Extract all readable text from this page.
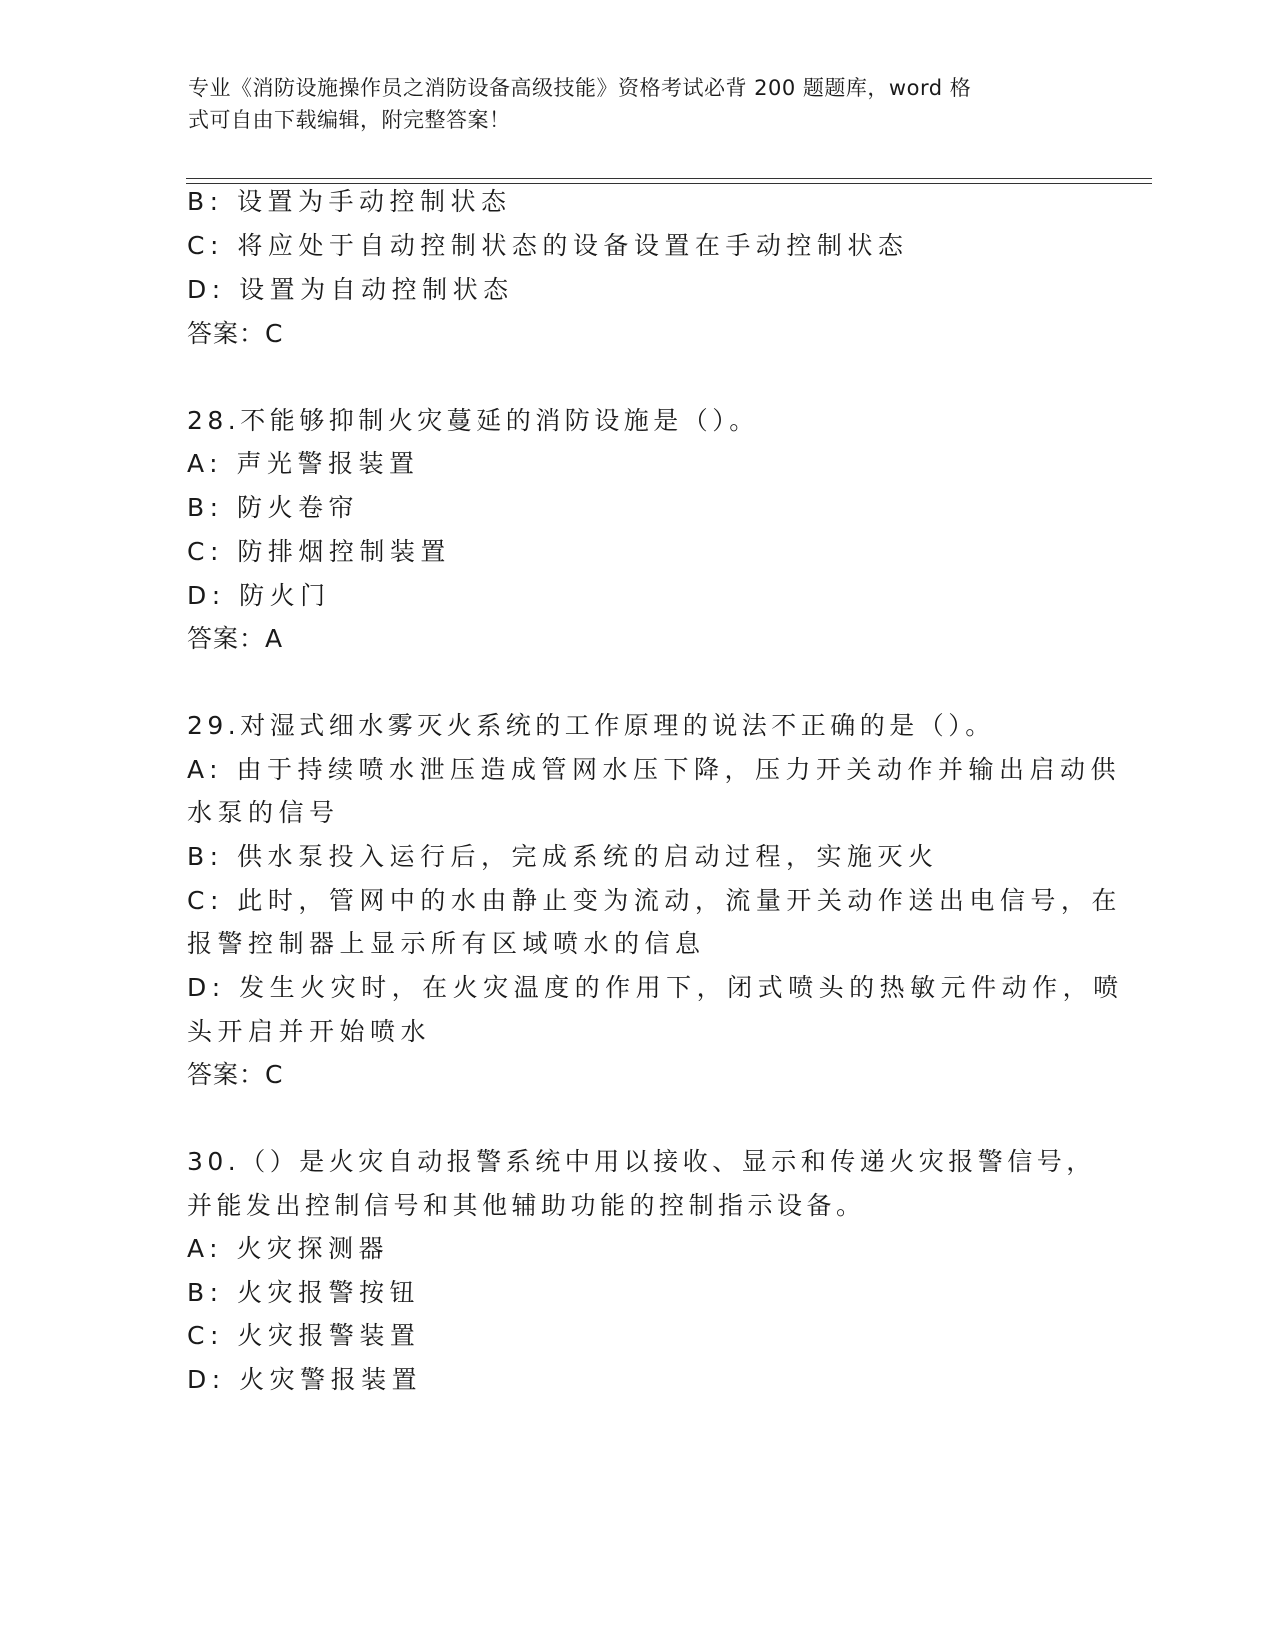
专业《消防设施操作员之消防设备高级技能》资格考试必背 200 题题库，word 格
式可自由下载编辑，附完整答案！
B: 设置为手动控制状态
C: 将应处于自动控制状态的设备设置在手动控制状态
D: 设置为自动控制状态
答案：C
28.不能够抑制火灾蔓延的消防设施是（）。
A: 声光警报装置
B: 防火卷帘
C: 防排烟控制装置
D: 防火门
答案：A
29.对湿式细水雾灭火系统的工作原理的说法不正确的是（）。
A: 由于持续喷水泄压造成管网水压下降，压力开关动作并输出启动供
水泵的信号
B: 供水泵投入运行后，完成系统的启动过程，实施灭火
C: 此时，管网中的水由静止变为流动，流量开关动作送出电信号，在
报警控制器上显示所有区域喷水的信息
D: 发生火灾时，在火灾温度的作用下，闭式喷头的热敏元件动作，喷
头开启并开始喷水
答案：C
30.（）是火灾自动报警系统中用以接收、显示和传递火灾报警信号，
并能发出控制信号和其他辅助功能的控制指示设备。
A: 火灾探测器
B: 火灾报警按钮
C: 火灾报警装置
D: 火灾警报装置
